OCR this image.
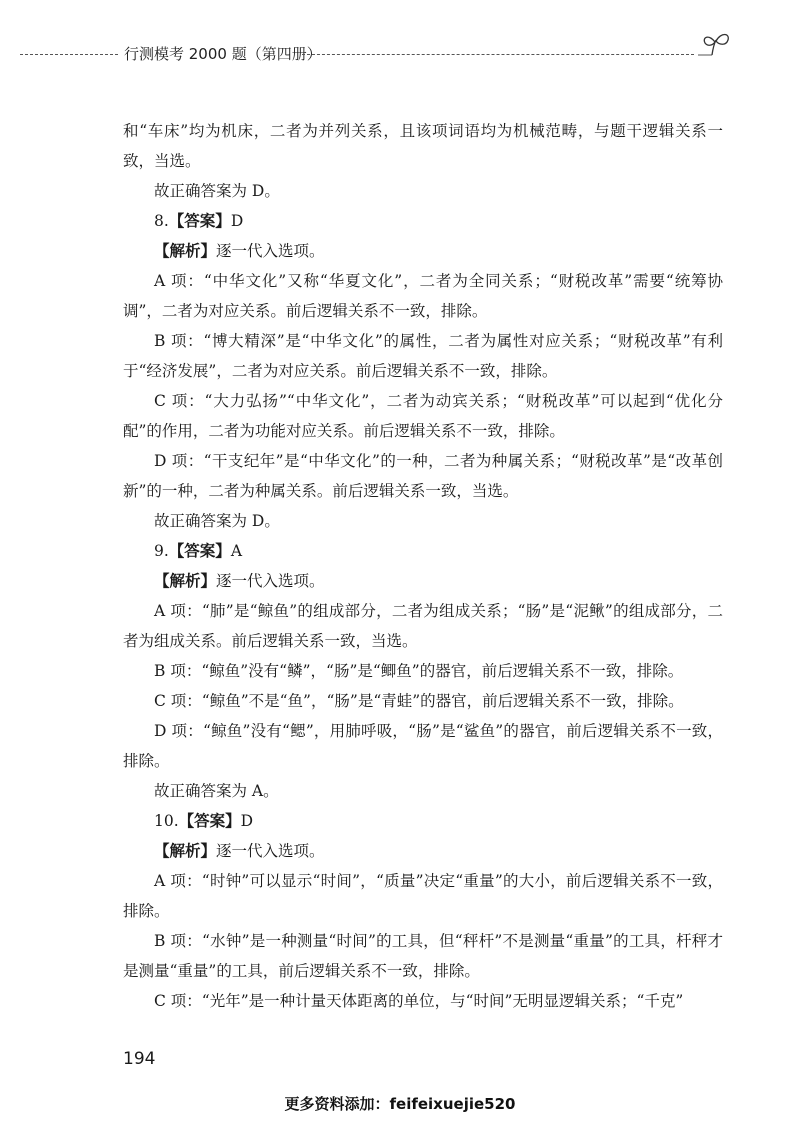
行测模考 2000 题（第四册）

和“车床”均为机床，二者为并列关系，且该项词语均为机械范畴，与题干逻辑关系一致，当选。

故正确答案为 D。

8.【答案】D

【解析】逐一代入选项。

A 项：“中华文化”又称“华夏文化”，二者为全同关系；“财税改革”需要“统筹协调”，二者为对应关系。前后逻辑关系不一致，排除。

B 项：“博大精深”是“中华文化”的属性，二者为属性对应关系；“财税改革”有利于“经济发展”，二者为对应关系。前后逻辑关系不一致，排除。

C 项：“大力弘扬”“中华文化”，二者为动宾关系；“财税改革”可以起到“优化分配”的作用，二者为功能对应关系。前后逻辑关系不一致，排除。

D 项：“干支纪年”是“中华文化”的一种，二者为种属关系；“财税改革”是“改革创新”的一种，二者为种属关系。前后逻辑关系一致，当选。

故正确答案为 D。

9.【答案】A

【解析】逐一代入选项。

A 项：“肺”是“鲸鱼”的组成部分，二者为组成关系；“肠”是“泥鳅”的组成部分，二者为组成关系。前后逻辑关系一致，当选。

B 项：“鲸鱼”没有“鳞”，“肠”是“鲫鱼”的器官，前后逻辑关系不一致，排除。

C 项：“鲸鱼”不是“鱼”，“肠”是“青蛙”的器官，前后逻辑关系不一致，排除。

D 项：“鲸鱼”没有“鳃”，用肺呼吸，“肠”是“鲨鱼”的器官，前后逻辑关系不一致，排除。

故正确答案为 A。

10.【答案】D

【解析】逐一代入选项。

A 项：“时钟”可以显示“时间”，“质量”决定“重量”的大小，前后逻辑关系不一致，排除。

B 项：“水钟”是一种测量“时间”的工具，但“秤杆”不是测量“重量”的工具，杆秤才是测量“重量”的工具，前后逻辑关系不一致，排除。

C 项：“光年”是一种计量天体距离的单位，与“时间”无明显逻辑关系；“千克”

194
更多资料添加：feifeixuejie520
